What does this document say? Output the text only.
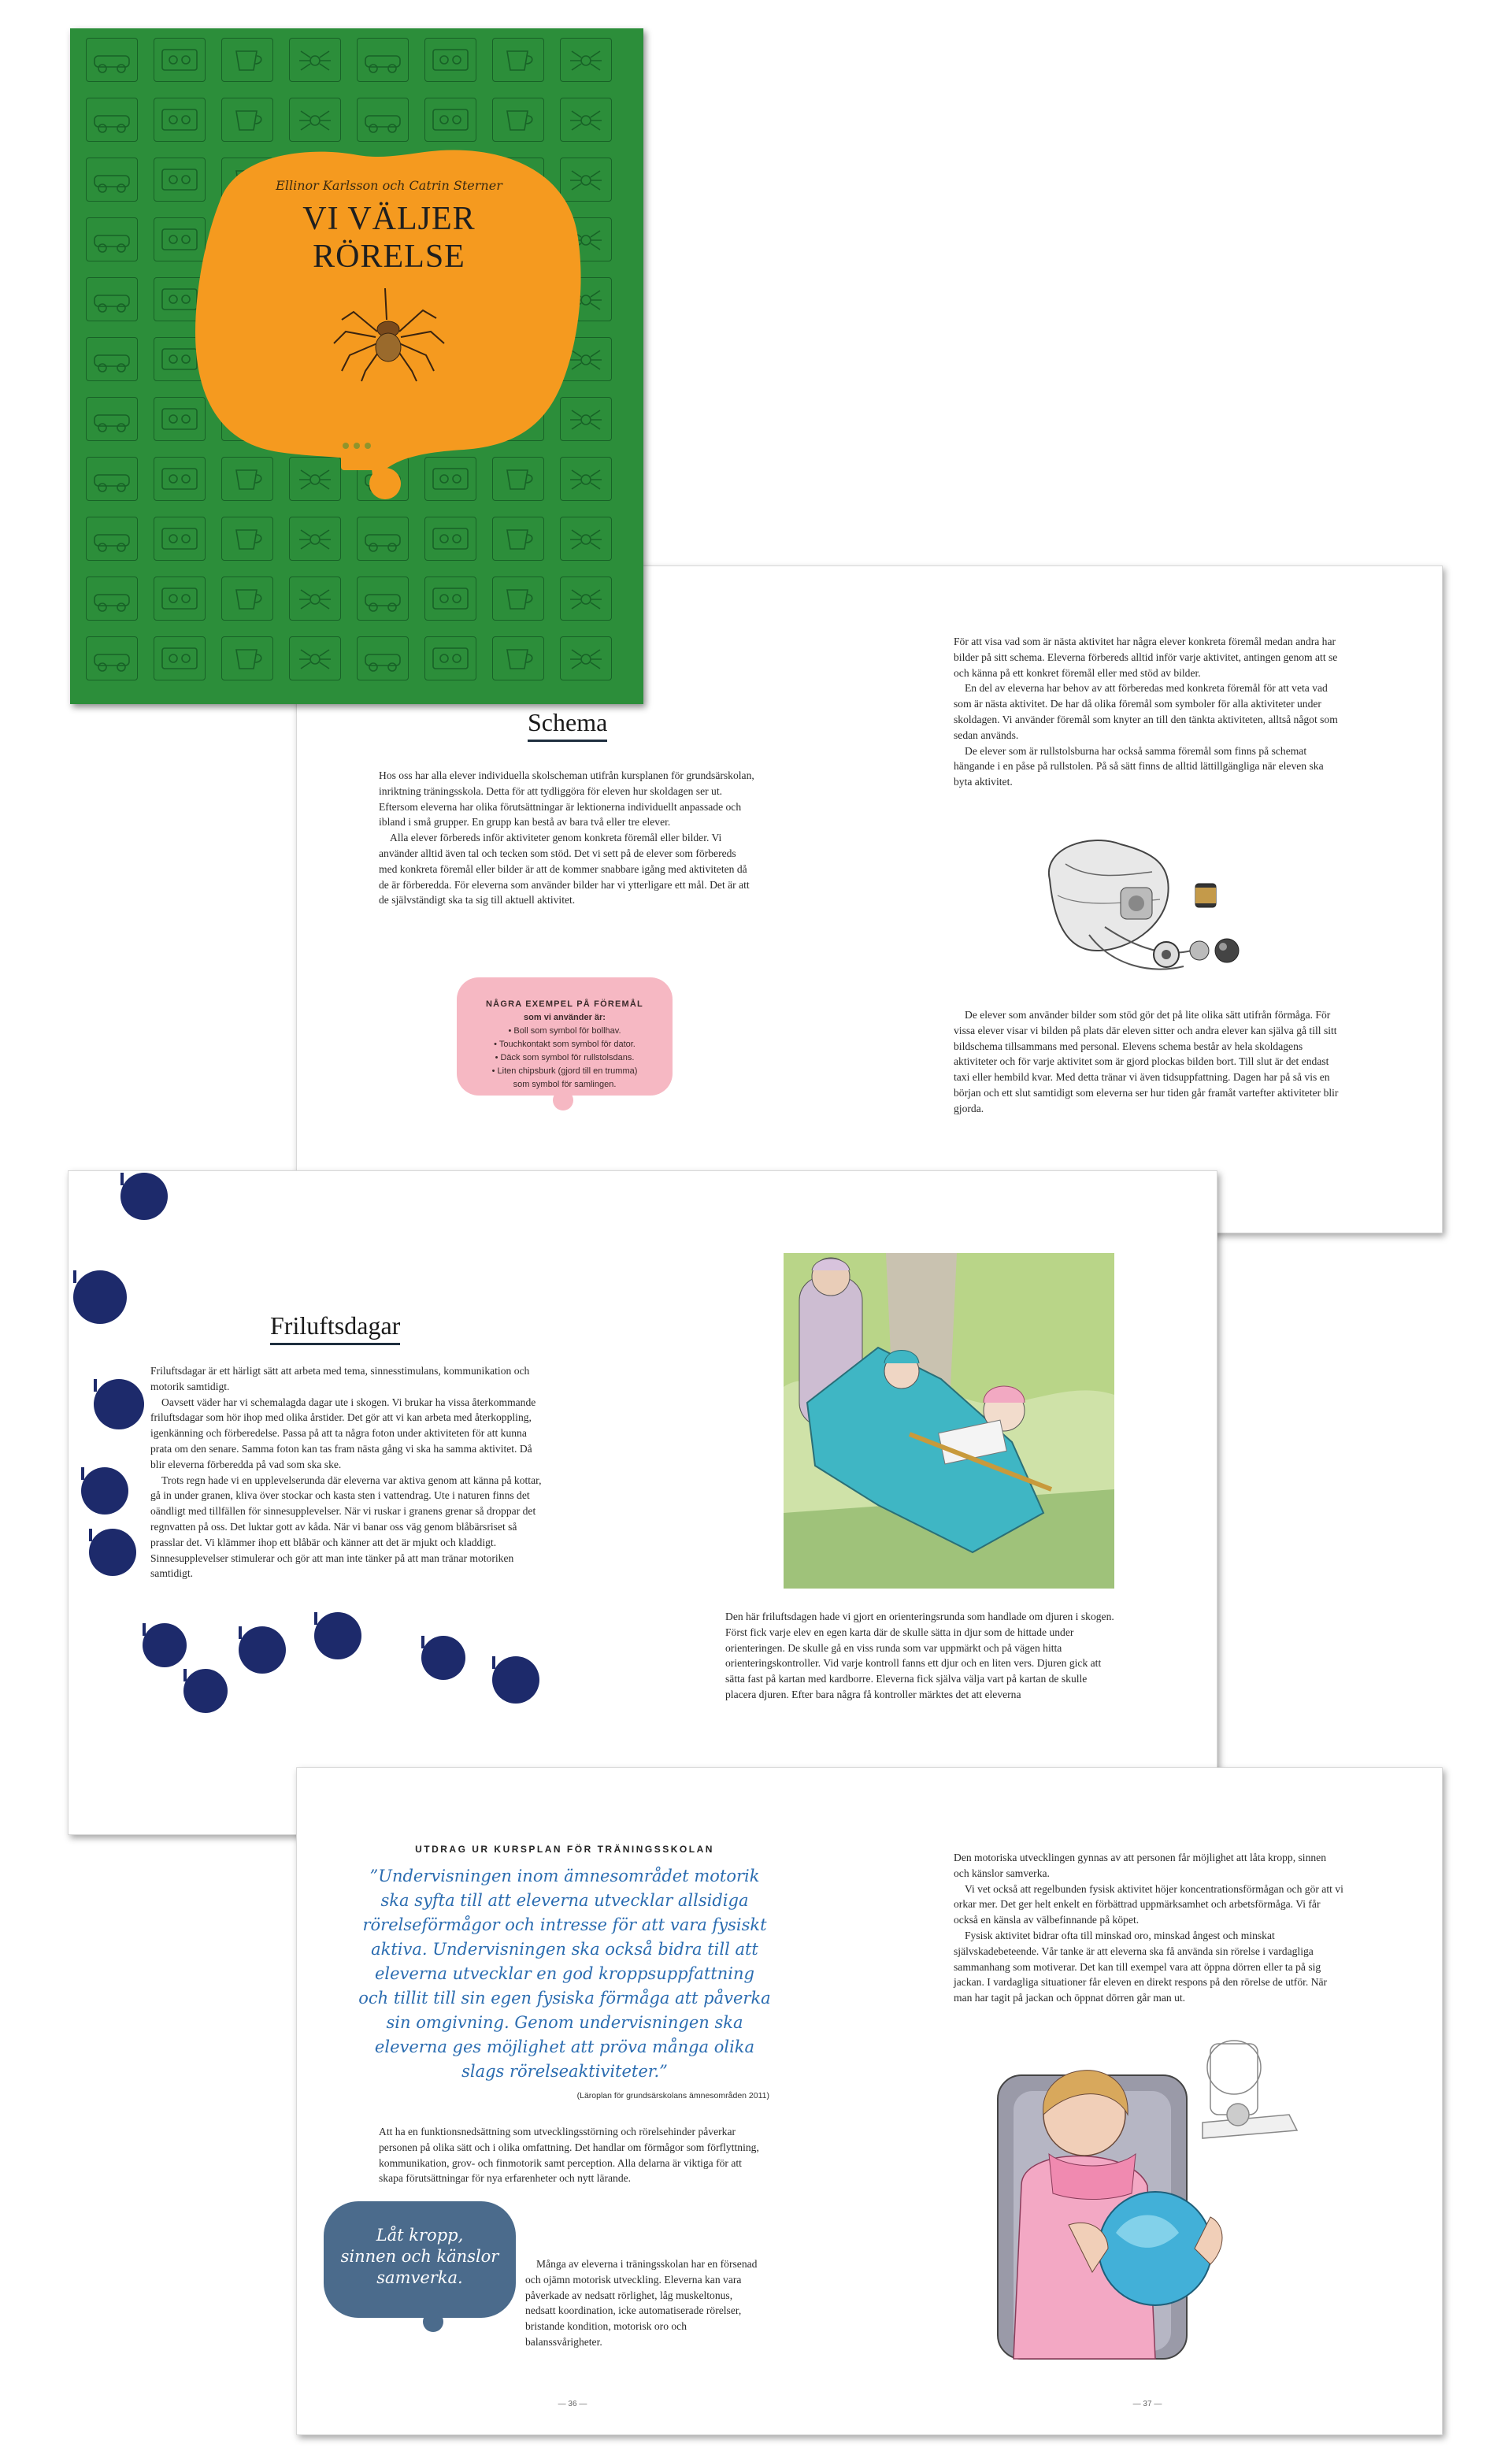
Ellinor Karlsson och Catrin Sterner
VI VÄLJER
RÖRELSE
Schema

Hos oss har alla elever individuella skolscheman utifrån kursplanen för grundsärskolan, inriktning träningsskola. Detta för att tydliggöra för eleven hur skoldagen ser ut. Eftersom eleverna har olika förutsättningar är lektionerna individuellt anpassade och ibland i små grupper. En grupp kan bestå av bara två eller tre elever.

Alla elever förbereds inför aktiviteter genom konkreta föremål eller bilder. Vi använder alltid även tal och tecken som stöd. Det vi sett på de elever som förbereds med konkreta föremål eller bilder är att de kommer snabbare igång med aktiviteten då de är förberedda. För eleverna som använder bilder har vi ytterligare ett mål. Det är att de självständigt ska ta sig till aktuell aktivitet.

NÅGRA EXEMPEL PÅ FÖREMÅL
som vi använder är:
• Boll som symbol för bollhav.
• Touchkontakt som symbol för dator.
• Däck som symbol för rullstolsdans.
• Liten chipsburk (gjord till en trumma)
som symbol för samlingen.

För att visa vad som är nästa aktivitet har några elever konkreta föremål medan andra har bilder på sitt schema. Eleverna förbereds alltid inför varje aktivitet, antingen genom att se och känna på ett konkret föremål eller med stöd av bilder.

En del av eleverna har behov av att förberedas med konkreta föremål för att veta vad som är nästa aktivitet. De har då olika föremål som symboler för alla aktiviteter under skoldagen. Vi använder föremål som knyter an till den tänkta aktiviteten, alltså något som sedan används.

De elever som är rullstolsburna har också samma föremål som finns på schemat hängande i en påse på rullstolen. På så sätt finns de alltid lättillgängliga när eleven ska byta aktivitet.

De elever som använder bilder som stöd gör det på lite olika sätt utifrån förmåga. För vissa elever visar vi bilden på plats där eleven sitter och andra elever kan själva gå till sitt bildschema tillsammans med personal. Elevens schema består av hela skoldagens aktiviteter och för varje aktivitet som är gjord plockas bilden bort. Till slut är det endast taxi eller hembild kvar. Med detta tränar vi även tidsuppfattning. Dagen har på så vis en början och ett slut samtidigt som eleverna ser hur tiden går framåt vartefter aktiviteter blir gjorda.

Friluftsdagar

Friluftsdagar är ett härligt sätt att arbeta med tema, sinnesstimulans, kommunikation och motorik samtidigt.

Oavsett väder har vi schemalagda dagar ute i skogen. Vi brukar ha vissa återkommande friluftsdagar som hör ihop med olika årstider. Det gör att vi kan arbeta med återkoppling, igenkänning och förberedelse. Passa på att ta några foton under aktiviteten för att kunna prata om den senare. Samma foton kan tas fram nästa gång vi ska ha samma aktivitet. Då blir eleverna förberedda på vad som ska ske.

Trots regn hade vi en upplevelserunda där eleverna var aktiva genom att känna på kottar, gå in under granen, kliva över stockar och kasta sten i vattendrag. Ute i naturen finns det oändligt med tillfällen för sinnesupplevelser. När vi ruskar i granens grenar så droppar det regnvatten på oss. Det luktar gott av kåda. När vi banar oss väg genom blåbärsriset så prasslar det. Vi klämmer ihop ett blåbär och känner att det är mjukt och kladdigt. Sinnesupplevelser stimulerar och gör att man inte tänker på att man tränar motoriken samtidigt.

Den här friluftsdagen hade vi gjort en orienteringsrunda som handlade om djuren i skogen. Först fick varje elev en egen karta där de skulle sätta in djur som de hittade under orienteringen. De skulle gå en viss runda som var uppmärkt och på vägen hitta orienteringskontroller. Vid varje kontroll fanns ett djur och en liten vers. Djuren gick att sätta fast på kartan med kardborre. Eleverna fick själva välja vart på kartan de skulle placera djuren. Efter bara några få kontroller märktes det att eleverna

UTDRAG UR KURSPLAN FÖR TRÄNINGSSKOLAN
”Undervisningen inom ämnesområdet motorik
ska syfta till att eleverna utvecklar allsidiga
rörelseförmågor och intresse för att vara fysiskt
aktiva. Undervisningen ska också bidra till att
eleverna utvecklar en god kroppsuppfattning
och tillit till sin egen fysiska förmåga att påverka
sin omgivning. Genom undervisningen ska
eleverna ges möjlighet att pröva många olika
slags rörelseaktiviteter.”
(Läroplan för grundsärskolans ämnesområden 2011)

Att ha en funktionsnedsättning som utvecklingsstörning och rörelsehinder påverkar personen på olika sätt och i olika omfattning. Det handlar om förmågor som förflyttning, kommunikation, grov- och finmotorik samt perception. Alla delarna är viktiga för att skapa förutsättningar för nya erfarenheter och nytt lärande.

Låt kropp,
sinnen och känslor
samverka.

Många av eleverna i träningsskolan har en försenad och ojämn motorisk utveckling. Eleverna kan vara påverkade av nedsatt rörlighet, låg muskeltonus, nedsatt koordination, icke automatiserade rörelser, bristande kondition, motorisk oro och balanssvårigheter.

Den motoriska utvecklingen gynnas av att personen får möjlighet att låta kropp, sinnen och känslor samverka.

Vi vet också att regelbunden fysisk aktivitet höjer koncentrationsförmågan och gör att vi orkar mer. Det ger helt enkelt en förbättrad uppmärksamhet och arbetsförmåga. Vi får också en känsla av välbefinnande på köpet.

Fysisk aktivitet bidrar ofta till minskad oro, minskad ångest och minskat självskadebeteende. Vår tanke är att eleverna ska få använda sin rörelse i vardagliga sammanhang som motiverar. Det kan till exempel vara att öppna dörren eller ta på sig jackan. I vardagliga situationer får eleven en direkt respons på den rörelse de utför. När man har tagit på jackan och öppnat dörren går man ut.

— 36 —	— 37 —
